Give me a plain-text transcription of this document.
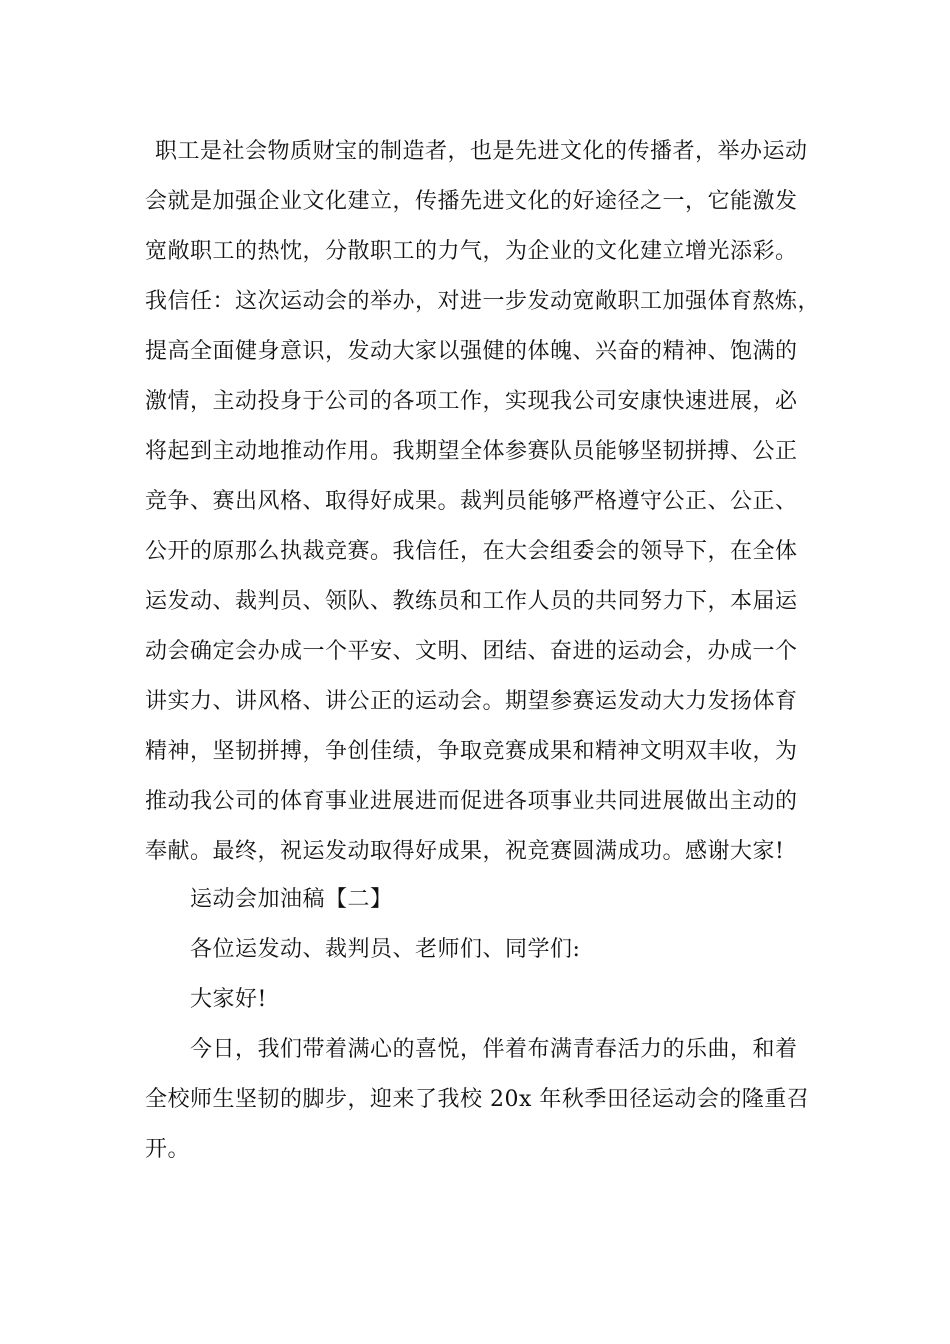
职工是社会物质财宝的制造者，也是先进文化的传播者，举办运动
会就是加强企业文化建立，传播先进文化的好途径之一，它能激发
宽敞职工的热忱，分散职工的力气，为企业的文化建立增光添彩。
我信任：这次运动会的举办，对进一步发动宽敞职工加强体育熬炼，
提高全面健身意识，发动大家以强健的体魄、兴奋的精神、饱满的
激情，主动投身于公司的各项工作，实现我公司安康快速进展，必
将起到主动地推动作用。我期望全体参赛队员能够坚韧拼搏、公正
竞争、赛出风格、取得好成果。裁判员能够严格遵守公正、公正、
公开的原那么执裁竞赛。我信任，在大会组委会的领导下，在全体
运发动、裁判员、领队、教练员和工作人员的共同努力下，本届运
动会确定会办成一个平安、文明、团结、奋进的运动会，办成一个
讲实力、讲风格、讲公正的运动会。期望参赛运发动大力发扬体育
精神，坚韧拼搏，争创佳绩，争取竞赛成果和精神文明双丰收，为
推动我公司的体育事业进展进而促进各项事业共同进展做出主动的
奉献。最终，祝运发动取得好成果，祝竞赛圆满成功。感谢大家!
运动会加油稿【二】
各位运发动、裁判员、老师们、同学们:
大家好!
今日，我们带着满心的喜悦，伴着布满青春活力的乐曲，和着
全校师生坚韧的脚步，迎来了我校 20x 年秋季田径运动会的隆重召
开。
